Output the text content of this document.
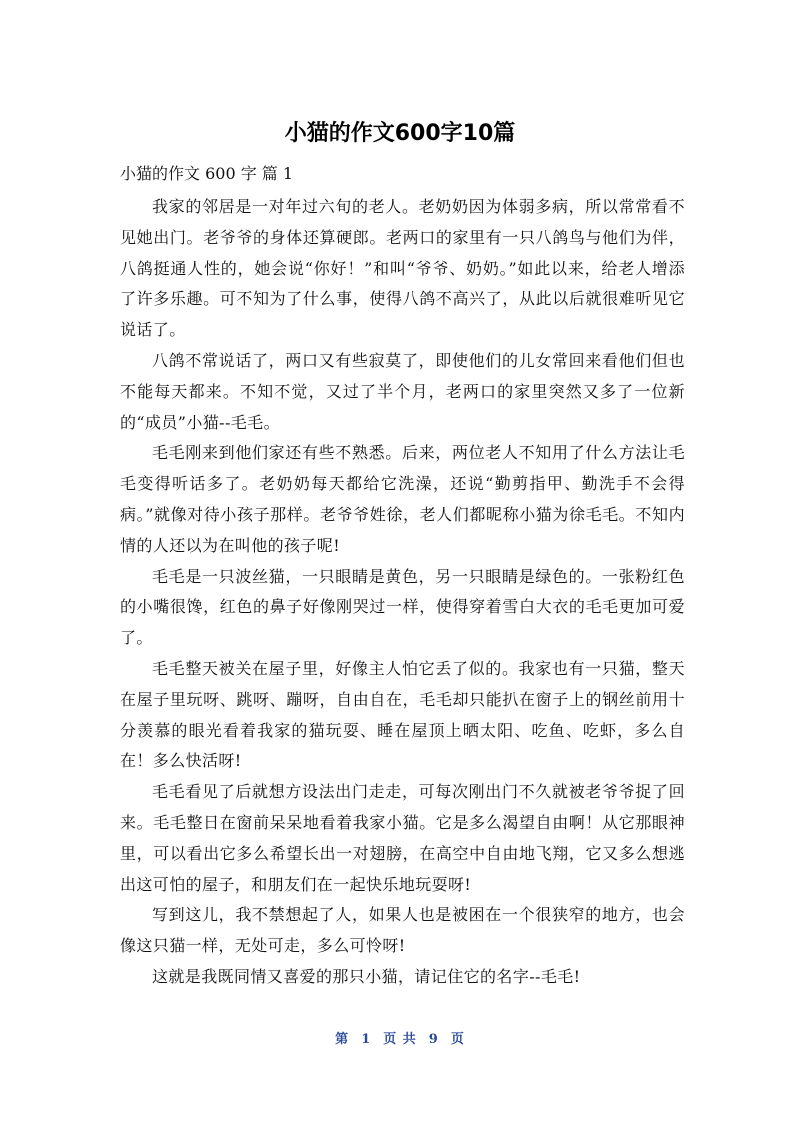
小猫的作文600字10篇

小猫的作文 600 字 篇 1

我家的邻居是一对年过六旬的老人。老奶奶因为体弱多病，所以常常看不见她出门。老爷爷的身体还算硬郎。老两口的家里有一只八鸽鸟与他们为伴，八鸽挺通人性的，她会说“你好！”和叫“爷爷、奶奶。”如此以来，给老人增添了许多乐趣。可不知为了什么事，使得八鸽不高兴了，从此以后就很难听见它说话了。

八鸽不常说话了，两口又有些寂莫了，即使他们的儿女常回来看他们但也不能每天都来。不知不觉，又过了半个月，老两口的家里突然又多了一位新的“成员”小猫--毛毛。

毛毛刚来到他们家还有些不熟悉。后来，两位老人不知用了什么方法让毛毛变得听话多了。老奶奶每天都给它洗澡，还说“勤剪指甲、勤洗手不会得病。”就像对待小孩子那样。老爷爷姓徐，老人们都昵称小猫为徐毛毛。不知内情的人还以为在叫他的孩子呢!

毛毛是一只波丝猫，一只眼睛是黄色，另一只眼睛是绿色的。一张粉红色的小嘴很馋，红色的鼻子好像刚哭过一样，使得穿着雪白大衣的毛毛更加可爱了。

毛毛整天被关在屋子里，好像主人怕它丢了似的。我家也有一只猫，整天在屋子里玩呀、跳呀、蹦呀，自由自在，毛毛却只能扒在窗子上的钢丝前用十分羡慕的眼光看着我家的猫玩耍、睡在屋顶上晒太阳、吃鱼、吃虾，多么自在！多么快活呀!

毛毛看见了后就想方设法出门走走，可每次刚出门不久就被老爷爷捉了回来。毛毛整日在窗前呆呆地看着我家小猫。它是多么渴望自由啊！从它那眼神里，可以看出它多么希望长出一对翅膀，在高空中自由地飞翔，它又多么想逃出这可怕的屋子，和朋友们在一起快乐地玩耍呀!

写到这儿，我不禁想起了人，如果人也是被困在一个很狭窄的地方，也会像这只猫一样，无处可走，多么可怜呀!

这就是我既同情又喜爱的那只小猫，请记住它的名字--毛毛!

第 1 页 共 9 页
